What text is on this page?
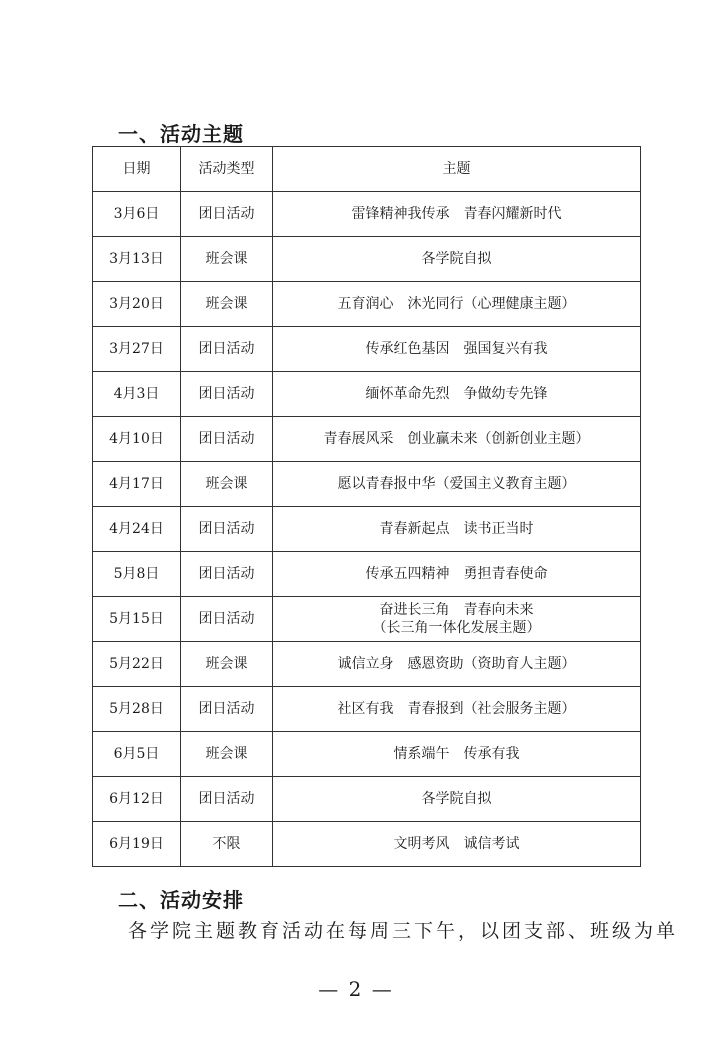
一、活动主题
日期	活动类型	主题
3月6日	团日活动	雷锋精神我传承　青春闪耀新时代
3月13日	班会课	各学院自拟
3月20日	班会课	五育润心　沐光同行（心理健康主题）
3月27日	团日活动	传承红色基因　强国复兴有我
4月3日	团日活动	缅怀革命先烈　争做幼专先锋
4月10日	团日活动	青春展风采　创业赢未来（创新创业主题）
4月17日	班会课	愿以青春报中华（爱国主义教育主题）
4月24日	团日活动	青春新起点　读书正当时
5月8日	团日活动	传承五四精神　勇担青春使命
5月15日	团日活动	奋进长三角　青春向未来
（长三角一体化发展主题）

5月22日	班会课	诚信立身　感恩资助（资助育人主题）
5月28日	团日活动	社区有我　青春报到（社会服务主题）
6月5日	班会课	情系端午　传承有我
6月12日	团日活动	各学院自拟
6月19日	不限	文明考风　诚信考试
二、活动安排
各学院主题教育活动在每周三下午，以团支部、班级为单
— 2 —
